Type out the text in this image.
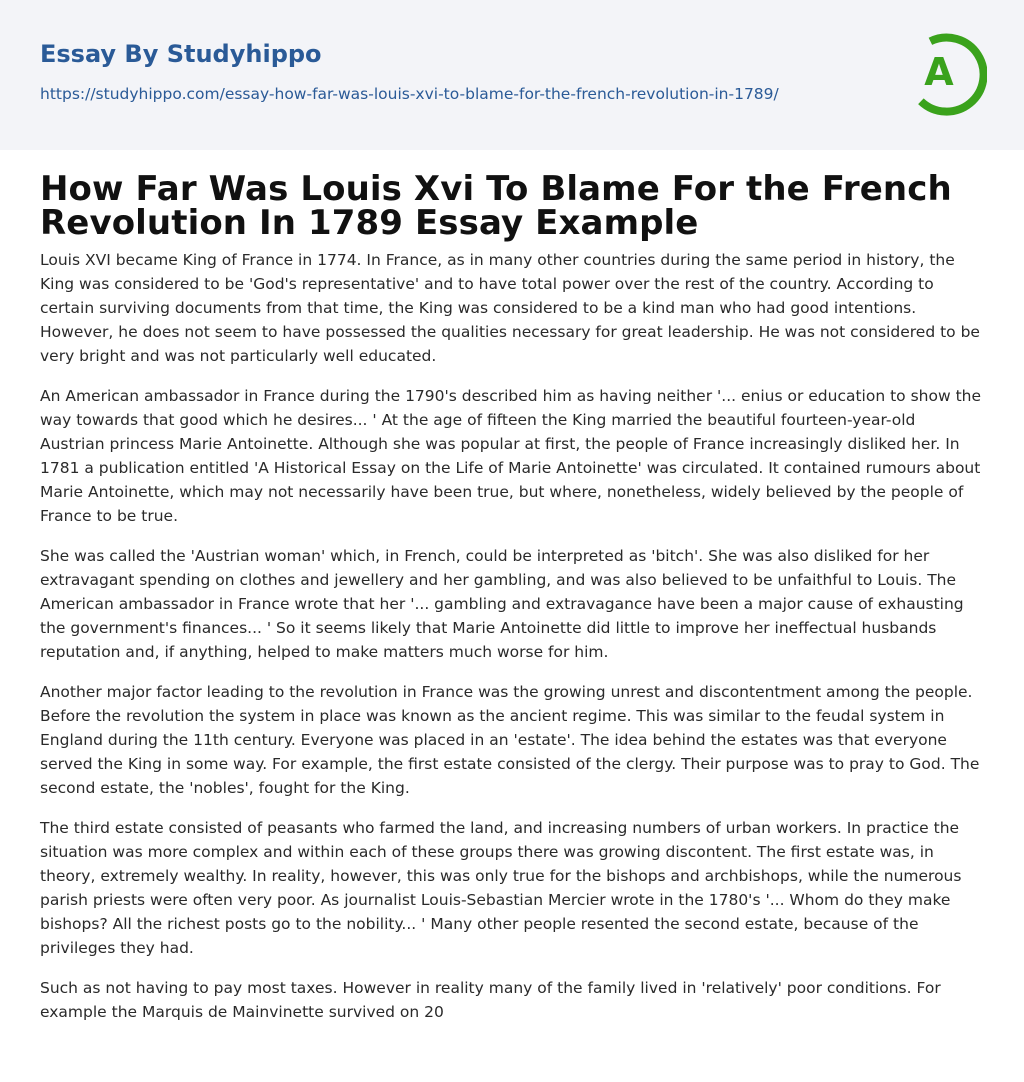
Essay By Studyhippo
https://studyhippo.com/essay-how-far-was-louis-xvi-to-blame-for-the-french-revolution-in-1789/	A
How Far Was Louis Xvi To Blame For the French Revolution In 1789 Essay Example

Louis XVI became King of France in 1774. In France, as in many other countries during the same period in history, the King was considered to be 'God's representative' and to have total power over the rest of the country. According to certain surviving documents from that time, the King was considered to be a kind man who had good intentions. However, he does not seem to have possessed the qualities necessary for great leadership. He was not considered to be very bright and was not particularly well educated.

An American ambassador in France during the 1790's described him as having neither '... enius or education to show the way towards that good which he desires... ' At the age of fifteen the King married the beautiful fourteen-year-old Austrian princess Marie Antoinette. Although she was popular at first, the people of France increasingly disliked her. In 1781 a publication entitled 'A Historical Essay on the Life of Marie Antoinette' was circulated. It contained rumours about Marie Antoinette, which may not necessarily have been true, but where, nonetheless, widely believed by the people of France to be true.

She was called the 'Austrian woman' which, in French, could be interpreted as 'bitch'. She was also disliked for her extravagant spending on clothes and jewellery and her gambling, and was also believed to be unfaithful to Louis. The American ambassador in France wrote that her '... gambling and extravagance have been a major cause of exhausting the government's finances... ' So it seems likely that Marie Antoinette did little to improve her ineffectual husbands reputation and, if anything, helped to make matters much worse for him.

Another major factor leading to the revolution in France was the growing unrest and discontentment among the people. Before the revolution the system in place was known as the ancient regime. This was similar to the feudal system in England during the 11th century. Everyone was placed in an 'estate'. The idea behind the estates was that everyone served the King in some way. For example, the first estate consisted of the clergy. Their purpose was to pray to God. The second estate, the 'nobles', fought for the King.

The third estate consisted of peasants who farmed the land, and increasing numbers of urban workers. In practice the situation was more complex and within each of these groups there was growing discontent. The first estate was, in theory, extremely wealthy. In reality, however, this was only true for the bishops and archbishops, while the numerous parish priests were often very poor. As journalist Louis-Sebastian Mercier wrote in the 1780's '... Whom do they make bishops? All the richest posts go to the nobility... ' Many other people resented the second estate, because of the privileges they had.

Such as not having to pay most taxes. However in reality many of the family lived in 'relatively' poor conditions. For example the Marquis de Mainvinette survived on 20
